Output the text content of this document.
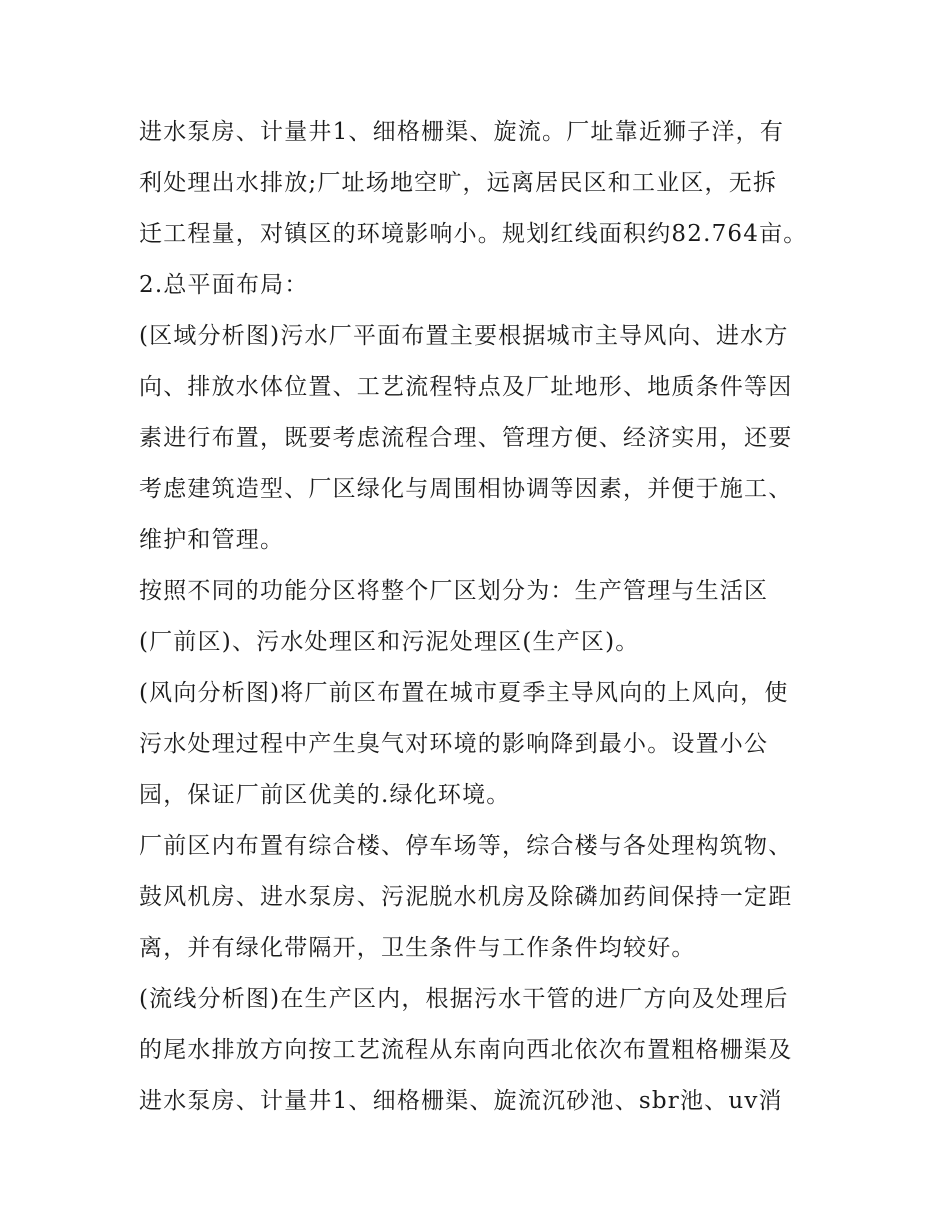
进水泵房、计量井1、细格栅渠、旋流。厂址靠近狮子洋，有
利处理出水排放;厂址场地空旷，远离居民区和工业区，无拆
迁工程量，对镇区的环境影响小。规划红线面积约82.764亩。
2.总平面布局：
(区域分析图)污水厂平面布置主要根据城市主导风向、进水方
向、排放水体位置、工艺流程特点及厂址地形、地质条件等因
素进行布置，既要考虑流程合理、管理方便、经济实用，还要
考虑建筑造型、厂区绿化与周围相协调等因素，并便于施工、
维护和管理。
按照不同的功能分区将整个厂区划分为：生产管理与生活区
(厂前区)、污水处理区和污泥处理区(生产区)。
(风向分析图)将厂前区布置在城市夏季主导风向的上风向，使
污水处理过程中产生臭气对环境的影响降到最小。设置小公
园，保证厂前区优美的.绿化环境。
厂前区内布置有综合楼、停车场等，综合楼与各处理构筑物、
鼓风机房、进水泵房、污泥脱水机房及除磷加药间保持一定距
离，并有绿化带隔开，卫生条件与工作条件均较好。
(流线分析图)在生产区内，根据污水干管的进厂方向及处理后
的尾水排放方向按工艺流程从东南向西北依次布置粗格栅渠及
进水泵房、计量井1、细格栅渠、旋流沉砂池、sbr池、uv消
